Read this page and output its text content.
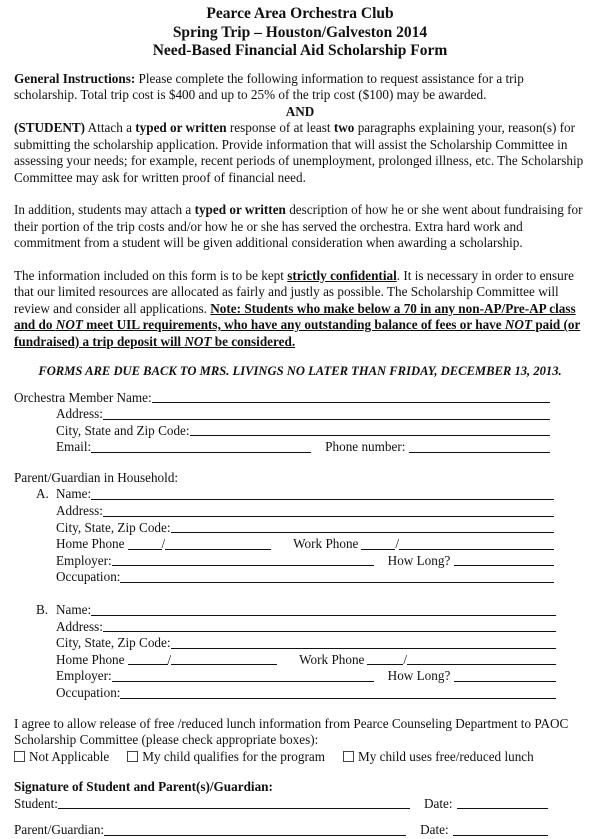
Pearce Area Orchestra Club
Spring Trip – Houston/Galveston 2014
Need-Based Financial Aid Scholarship Form

General Instructions: Please complete the following information to request assistance for a trip scholarship. Total trip cost is $400 and up to 25% of the trip cost ($100) may be awarded.

AND

(STUDENT) Attach a typed or written response of at least two paragraphs explaining your, reason(s) for submitting the scholarship application. Provide information that will assist the Scholarship Committee in assessing your needs; for example, recent periods of unemployment, prolonged illness, etc. The Scholarship Committee may ask for written proof of financial need.

In addition, students may attach a typed or written description of how he or she went about fundraising for their portion of the trip costs and/or how he or she has served the orchestra. Extra hard work and commitment from a student will be given additional consideration when awarding a scholarship.

The information included on this form is to be kept strictly confidential. It is necessary in order to ensure that our limited resources are allocated as fairly and justly as possible. The Scholarship Committee will review and consider all applications. Note: Students who make below a 70 in any non-AP/Pre-AP class and do NOT meet UIL requirements, who have any outstanding balance of fees or have NOT paid (or fundraised) a trip deposit will NOT be considered.

FORMS ARE DUE BACK TO MRS. LIVINGS NO LATER THAN FRIDAY, DECEMBER 13, 2013.
Orchestra Member Name:
Address:
City, State and Zip Code:
Email:	Phone number:
Parent/Guardian in Household:
A. Name:
Address:
City, State, Zip Code:
Home Phone	/	Work Phone	/
Employer:	How Long?
Occupation:
B. Name:
Address:
City, State, Zip Code:
Home Phone	/	Work Phone	/
Employer:	How Long?
Occupation:

I agree to allow release of free /reduced lunch information from Pearce Counseling Department to PAOC Scholarship Committee (please check appropriate boxes):

Not Applicable	My child qualifies for the program	My child uses free/reduced lunch
Signature of Student and Parent(s)/Guardian :
Student:	Date:
Parent/Guardian:	Date:
